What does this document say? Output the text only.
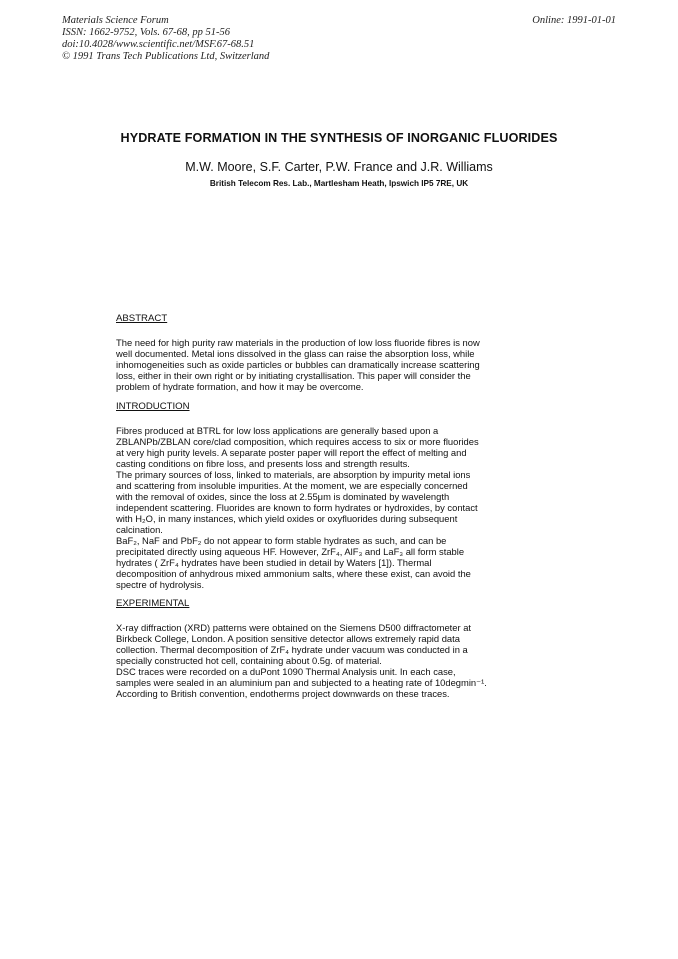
Materials Science Forum
ISSN: 1662-9752, Vols. 67-68, pp 51-56
doi:10.4028/www.scientific.net/MSF.67-68.51
© 1991 Trans Tech Publications Ltd, Switzerland
Online: 1991-01-01
HYDRATE FORMATION IN THE SYNTHESIS OF INORGANIC FLUORIDES
M.W. Moore, S.F. Carter, P.W. France and J.R. Williams
British Telecom Res. Lab., Martlesham Heath, Ipswich IP5 7RE, UK
ABSTRACT
The need for high purity raw materials in the production of low loss fluoride fibres is now
well documented. Metal ions dissolved in the glass can raise the absorption loss, while
inhomogeneities such as oxide particles or bubbles can dramatically increase scattering
loss, either in their own right or by initiating crystallisation. This paper will consider the
problem of hydrate formation, and how it may be overcome.
INTRODUCTION
Fibres produced at BTRL for low loss applications are generally based upon a
ZBLANPb/ZBLAN core/clad composition, which requires access to six or more fluorides
at very high purity levels. A separate poster paper will report the effect of melting and
casting conditions on fibre loss, and presents loss and strength results.
The primary sources of loss, linked to materials, are absorption by impurity metal ions
and scattering from insoluble impurities. At the moment, we are especially concerned
with the removal of oxides, since the loss at 2.55μm is dominated by wavelength
independent scattering. Fluorides are known to form hydrates or hydroxides, by contact
with H₂O, in many instances, which yield oxides or oxyfluorides during subsequent
calcination.
BaF₂, NaF and PbF₂ do not appear to form stable hydrates as such, and can be
precipitated directly using aqueous HF. However, ZrF₄, AlF₃ and LaF₃ all form stable
hydrates ( ZrF₄ hydrates have been studied in detail by Waters [1]). Thermal
decomposition of anhydrous mixed ammonium salts, where these exist, can avoid the
spectre of hydrolysis.
EXPERIMENTAL
X-ray diffraction (XRD) patterns were obtained on the Siemens D500 diffractometer at
Birkbeck College, London. A position sensitive detector allows extremely rapid data
collection. Thermal decomposition of ZrF₄ hydrate under vacuum was conducted in a
specially constructed hot cell, containing about 0.5g. of material.
DSC traces were recorded on a duPont 1090 Thermal Analysis unit. In each case,
samples were sealed in an aluminium pan and subjected to a heating rate of 10degmin⁻¹.
According to British convention, endotherms project downwards on these traces.
